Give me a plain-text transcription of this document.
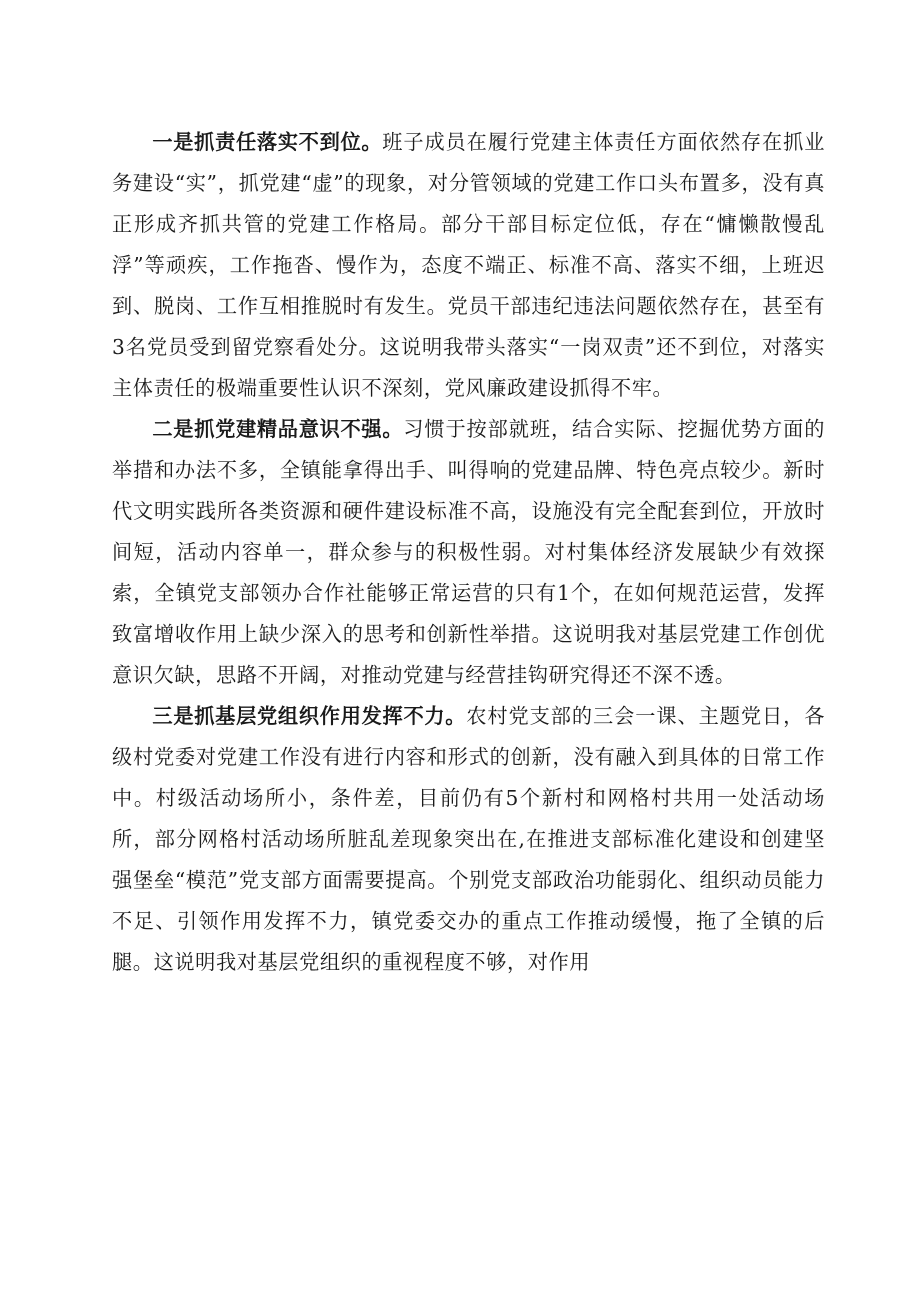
一是抓责任落实不到位。班子成员在履行党建主体责任方面依然存在抓业务建设“实”，抓党建“虚”的现象，对分管领域的党建工作口头布置多，没有真正形成齐抓共管的党建工作格局。部分干部目标定位低，存在“慵懒散慢乱浮”等顽疾，工作拖沓、慢作为，态度不端正、标准不高、落实不细，上班迟到、脱岗、工作互相推脱时有发生。党员干部违纪违法问题依然存在，甚至有3名党员受到留党察看处分。这说明我带头落实“一岗双责”还不到位，对落实主体责任的极端重要性认识不深刻，党风廉政建设抓得不牢。

二是抓党建精品意识不强。习惯于按部就班，结合实际、挖掘优势方面的举措和办法不多，全镇能拿得出手、叫得响的党建品牌、特色亮点较少。新时代文明实践所各类资源和硬件建设标准不高，设施没有完全配套到位，开放时间短，活动内容单一，群众参与的积极性弱。对村集体经济发展缺少有效探索，全镇党支部领办合作社能够正常运营的只有1个，在如何规范运营，发挥致富增收作用上缺少深入的思考和创新性举措。这说明我对基层党建工作创优意识欠缺，思路不开阔，对推动党建与经营挂钩研究得还不深不透。

三是抓基层党组织作用发挥不力。农村党支部的三会一课、主题党日，各级村党委对党建工作没有进行内容和形式的创新，没有融入到具体的日常工作中。村级活动场所小，条件差，目前仍有5个新村和网格村共用一处活动场所，部分网格村活动场所脏乱差现象突出在,在推进支部标准化建设和创建坚强堡垒“模范”党支部方面需要提高。个别党支部政治功能弱化、组织动员能力不足、引领作用发挥不力，镇党委交办的重点工作推动缓慢，拖了全镇的后腿。这说明我对基层党组织的重视程度不够，对作用
